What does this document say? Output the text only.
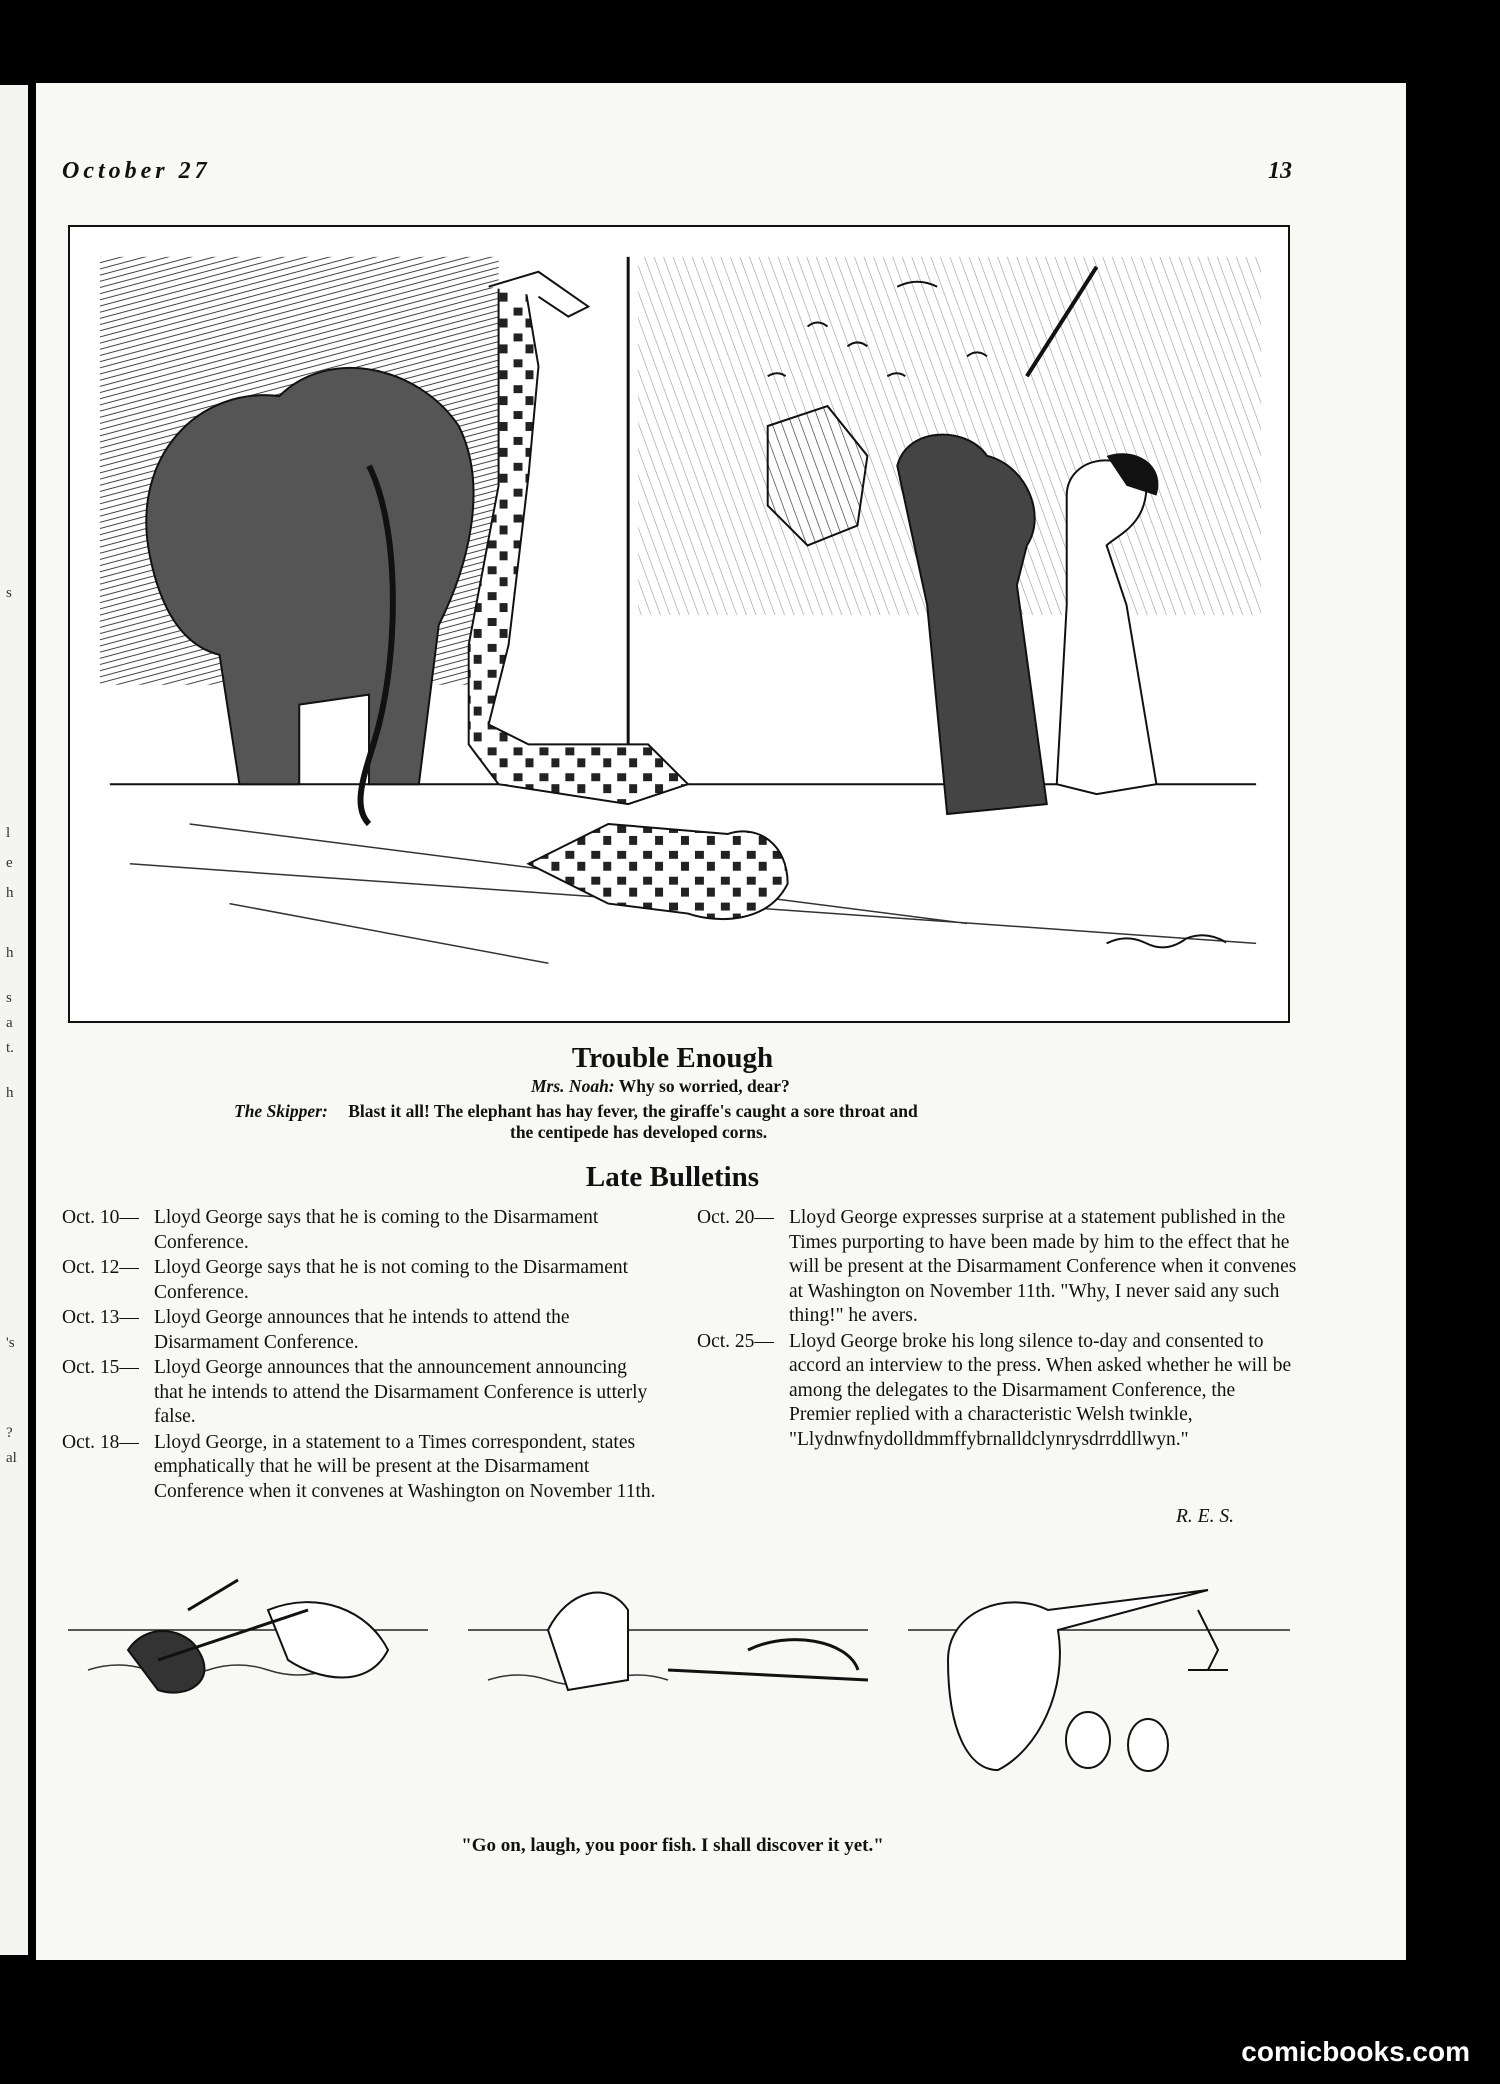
s
l
e
h
h
s
a
t.
h
's
?
al
October 27	13
Trouble Enough
Mrs. Noah: Why so worried, dear?
The Skipper: Blast it all! The elephant has hay fever, the giraffe's caught a sore throat and
the centipede has developed corns.
Late Bulletins
Oct. 10— Lloyd George says that he is coming to the Disarmament Conference.
Oct. 12— Lloyd George says that he is not coming to the Disarmament Conference.
Oct. 13— Lloyd George announces that he intends to attend the Disarmament Conference.
Oct. 15— Lloyd George announces that the announcement announcing that he intends to attend the Disarmament Conference is utterly false.
Oct. 18— Lloyd George, in a statement to a Times correspondent, states emphatically that he will be present at the Disarmament Conference when it convenes at Washington on November 11th.
Oct. 20— Lloyd George expresses surprise at a statement published in the Times purporting to have been made by him to the effect that he will be present at the Disarmament Conference when it convenes at Washington on November 11th. "Why, I never said any such thing!" he avers.
Oct. 25— Lloyd George broke his long silence to-day and consented to accord an interview to the press. When asked whether he will be among the delegates to the Disarmament Conference, the Premier replied with a characteristic Welsh twinkle, "Llydnwfnydolldmmffybrnalldclynrysdrrddllwyn."
R. E. S.
"Go on, laugh, you poor fish. I shall discover it yet."
comicbooks.com
